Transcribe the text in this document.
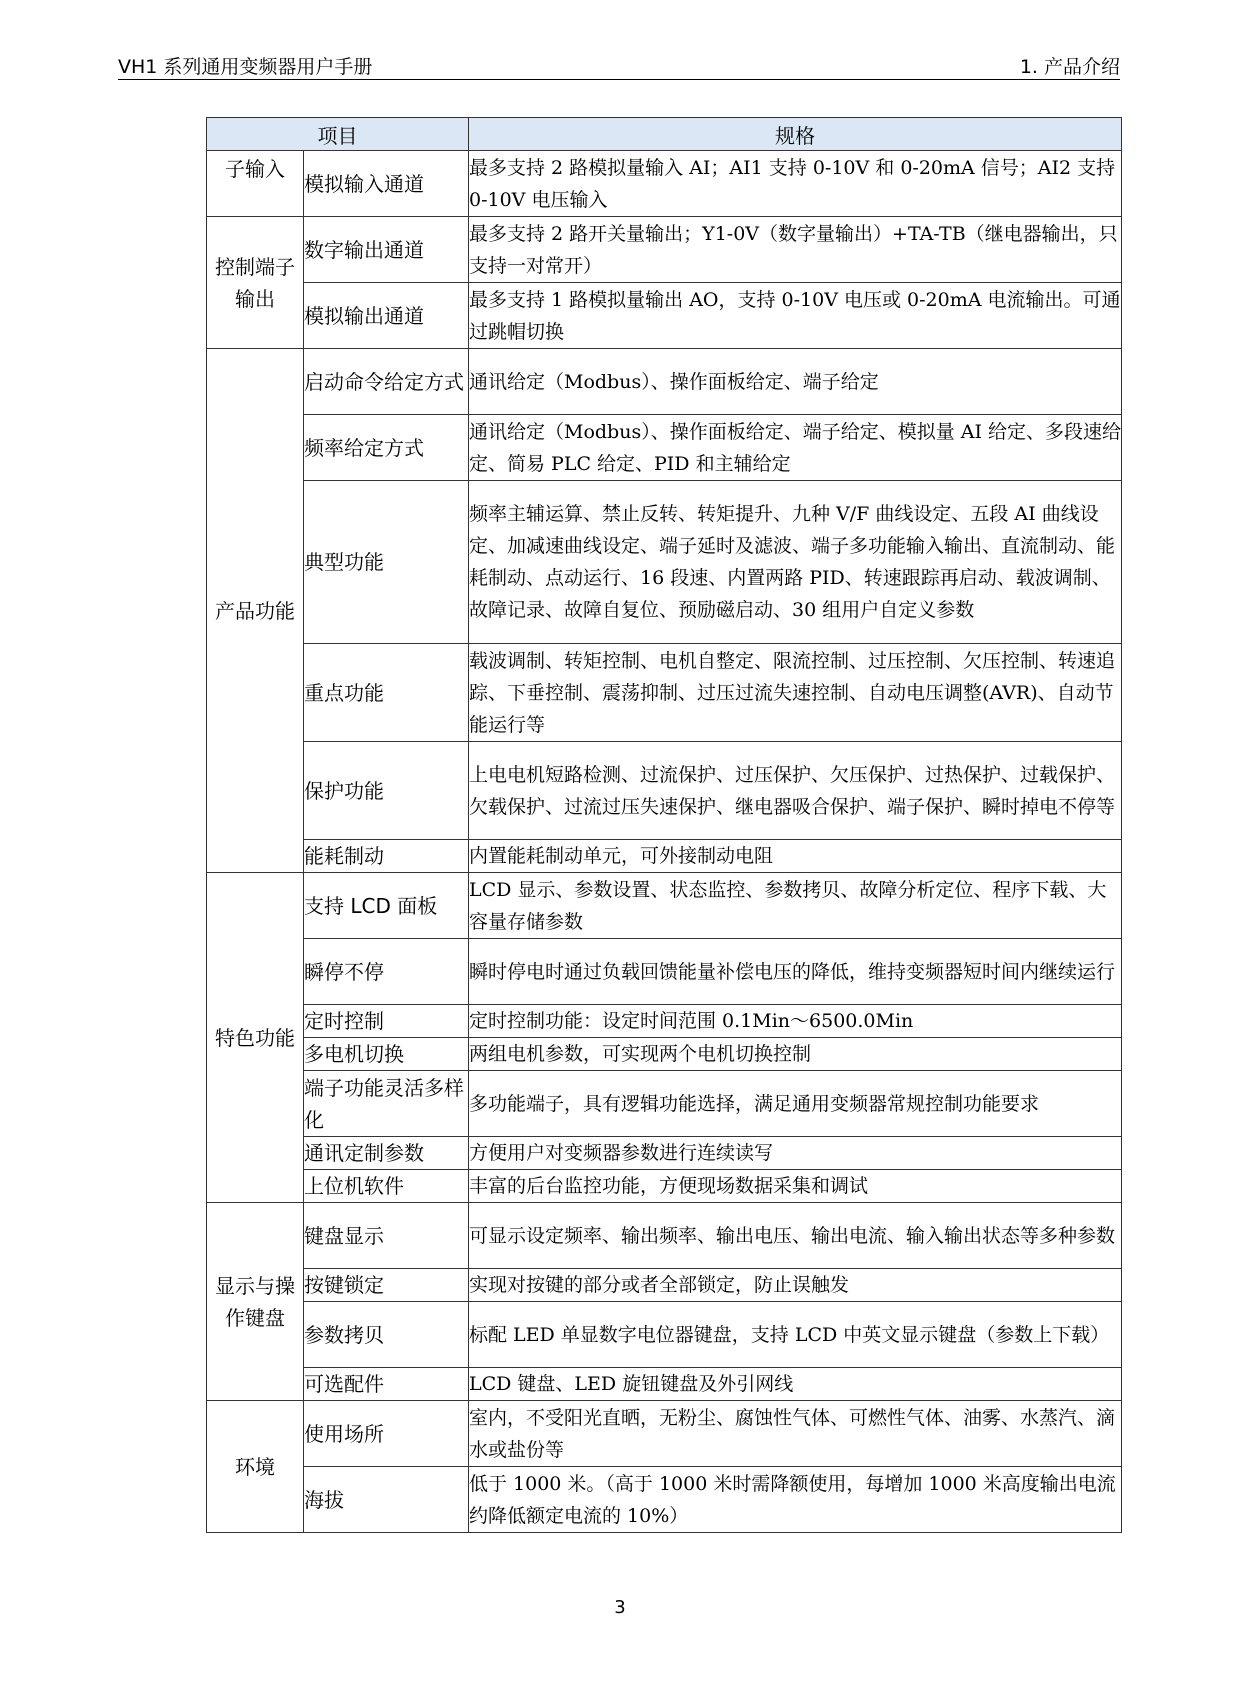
VH1 系列通用变频器用户手册	1. 产品介绍
项目		规格
子输入	模拟输入通道	最多支持 2 路模拟量输入 AI；AI1 支持 0-10V 和 0-20mA 信号；AI2 支持 0-10V 电压输入
控制端子输出	数字输出通道	最多支持 2 路开关量输出；Y1-0V（数字量输出）+TA-TB（继电器输出，只支持一对常开）
	模拟输出通道	最多支持 1 路模拟量输出 AO，支持 0-10V 电压或 0-20mA 电流输出。可通过跳帽切换
产品功能	启动命令给定方式	通讯给定（Modbus）、操作面板给定、端子给定
	频率给定方式	通讯给定（Modbus）、操作面板给定、端子给定、模拟量 AI 给定、多段速给定、简易 PLC 给定、PID 和主辅给定
	典型功能	频率主辅运算、禁止反转、转矩提升、九种 V/F 曲线设定、五段 AI 曲线设定、加减速曲线设定、端子延时及滤波、端子多功能输入输出、直流制动、能耗制动、点动运行、16 段速、内置两路 PID、转速跟踪再启动、载波调制、故障记录、故障自复位、预励磁启动、30 组用户自定义参数
	重点功能	载波调制、转矩控制、电机自整定、限流控制、过压控制、欠压控制、转速追踪、下垂控制、震荡抑制、过压过流失速控制、自动电压调整(AVR)、自动节能运行等
	保护功能	上电电机短路检测、过流保护、过压保护、欠压保护、过热保护、过载保护、欠载保护、过流过压失速保护、继电器吸合保护、端子保护、瞬时掉电不停等
	能耗制动	内置能耗制动单元，可外接制动电阻
特色功能	支持 LCD 面板	LCD 显示、参数设置、状态监控、参数拷贝、故障分析定位、程序下载、大容量存储参数
	瞬停不停	瞬时停电时通过负载回馈能量补偿电压的降低，维持变频器短时间内继续运行
	定时控制	定时控制功能：设定时间范围 0.1Min～6500.0Min
	多电机切换	两组电机参数，可实现两个电机切换控制
	端子功能灵活多样化	多功能端子，具有逻辑功能选择，满足通用变频器常规控制功能要求
	通讯定制参数	方便用户对变频器参数进行连续读写
	上位机软件	丰富的后台监控功能，方便现场数据采集和调试
显示与操作键盘	键盘显示	可显示设定频率、输出频率、输出电压、输出电流、输入输出状态等多种参数
	按键锁定	实现对按键的部分或者全部锁定，防止误触发
	参数拷贝	标配 LED 单显数字电位器键盘，支持 LCD 中英文显示键盘（参数上下载）
	可选配件	LCD 键盘、LED 旋钮键盘及外引网线
环境	使用场所	室内，不受阳光直晒，无粉尘、腐蚀性气体、可燃性气体、油雾、水蒸汽、滴水或盐份等
	海拔	低于 1000 米。（高于 1000 米时需降额使用，每增加 1000 米高度输出电流约降低额定电流的 10%）
3
